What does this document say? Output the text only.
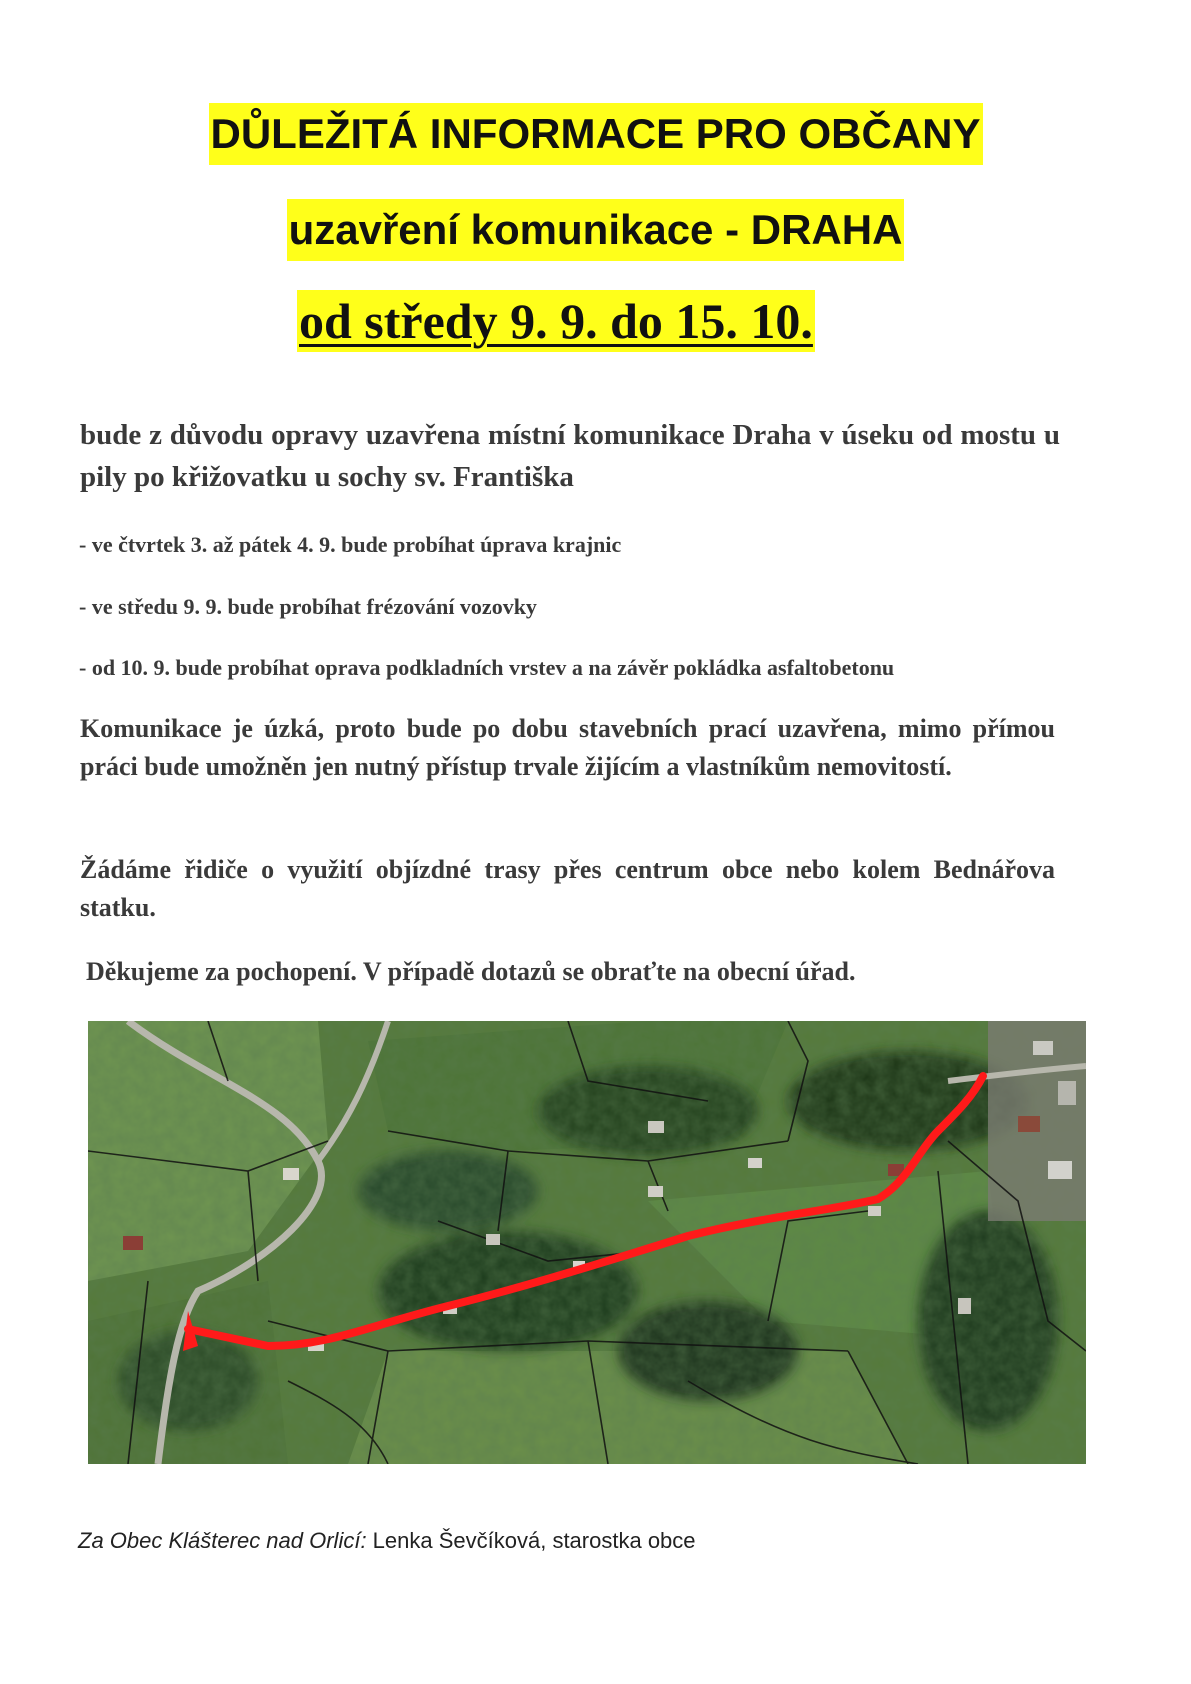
DŮLEŽITÁ INFORMACE PRO OBČANY
uzavření komunikace - DRAHA
od středy 9. 9. do 15. 10.
bude z důvodu opravy uzavřena místní komunikace Draha v úseku od mostu u pily po křižovatku u sochy sv. Františka
- ve čtvrtek 3. až pátek 4. 9. bude probíhat úprava krajnic
- ve středu 9. 9. bude probíhat frézování vozovky
- od 10. 9. bude probíhat oprava podkladních vrstev a na závěr pokládka asfaltobetonu
Komunikace je úzká, proto bude po dobu stavebních prací uzavřena, mimo přímou práci bude umožněn jen nutný přístup trvale žijícím a vlastníkům nemovitostí.
Žádáme řidiče o využití objízdné trasy přes centrum obce nebo kolem Bednářova statku.
Děkujeme za pochopení. V případě dotazů se obraťte na obecní úřad.
Za Obec Klášterec nad Orlicí: Lenka Ševčíková, starostka obce
